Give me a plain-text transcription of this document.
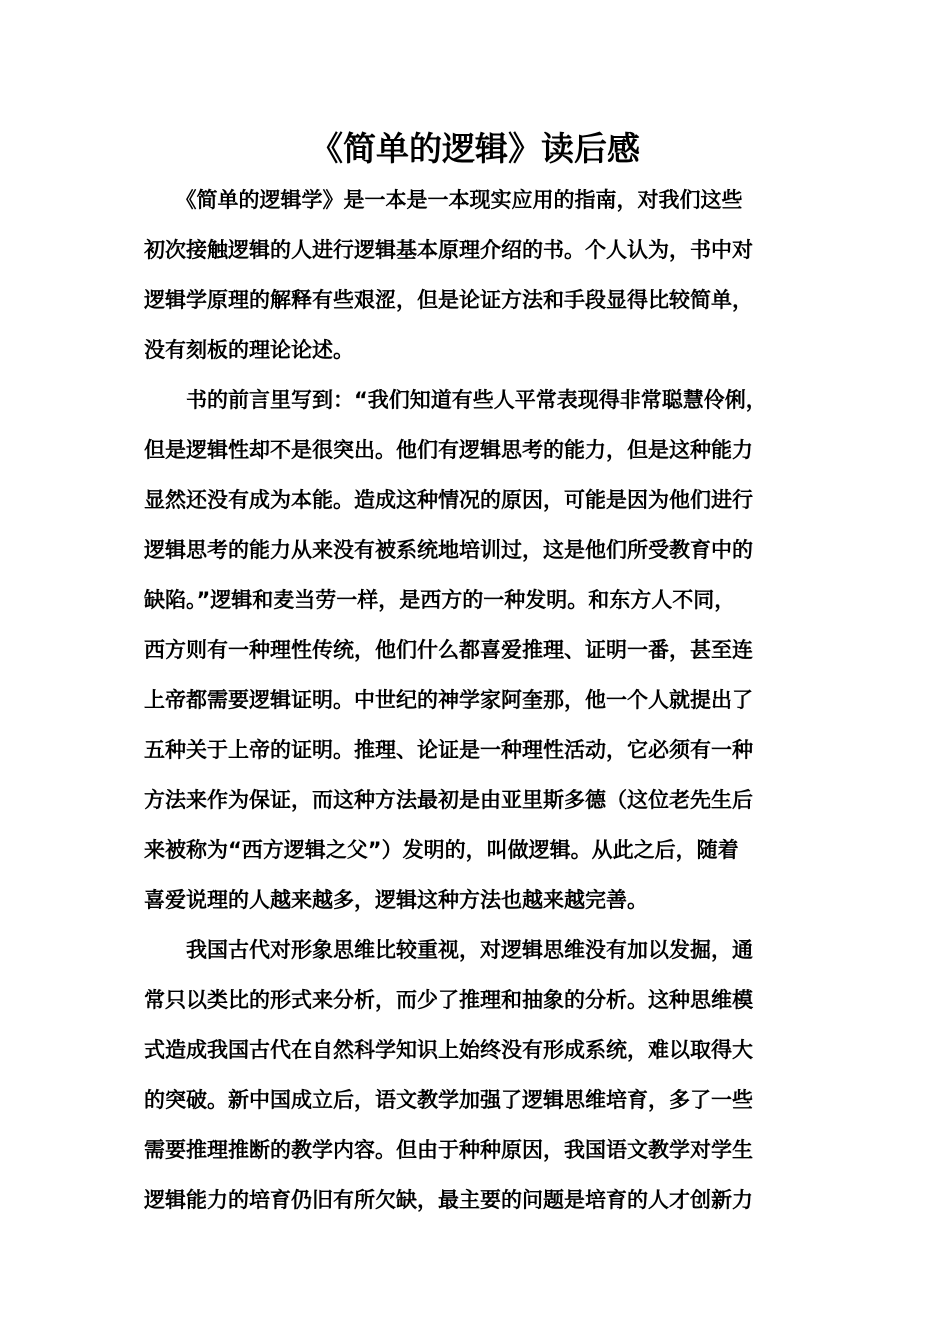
《简单的逻辑》读后感

　　《简单的逻辑学》是一本是一本现实应用的指南，对我们这些
初次接触逻辑的人进行逻辑基本原理介绍的书。个人认为，书中对
逻辑学原理的解释有些艰涩，但是论证方法和手段显得比较简单，
没有刻板的理论论述。

　　书的前言里写到：“我们知道有些人平常表现得非常聪慧伶俐，
但是逻辑性却不是很突出。他们有逻辑思考的能力，但是这种能力
显然还没有成为本能。造成这种情况的原因，可能是因为他们进行
逻辑思考的能力从来没有被系统地培训过，这是他们所受教育中的
缺陷。”逻辑和麦当劳一样，是西方的一种发明。和东方人不同，
西方则有一种理性传统，他们什么都喜爱推理、证明一番，甚至连
上帝都需要逻辑证明。中世纪的神学家阿奎那，他一个人就提出了
五种关于上帝的证明。推理、论证是一种理性活动，它必须有一种
方法来作为保证，而这种方法最初是由亚里斯多德（这位老先生后
来被称为“西方逻辑之父”）发明的，叫做逻辑。从此之后，随着
喜爱说理的人越来越多，逻辑这种方法也越来越完善。

　　我国古代对形象思维比较重视，对逻辑思维没有加以发掘，通
常只以类比的形式来分析，而少了推理和抽象的分析。这种思维模
式造成我国古代在自然科学知识上始终没有形成系统，难以取得大
的突破。新中国成立后，语文教学加强了逻辑思维培育，多了一些
需要推理推断的教学内容。但由于种种原因，我国语文教学对学生
逻辑能力的培育仍旧有所欠缺，最主要的问题是培育的人才创新力
